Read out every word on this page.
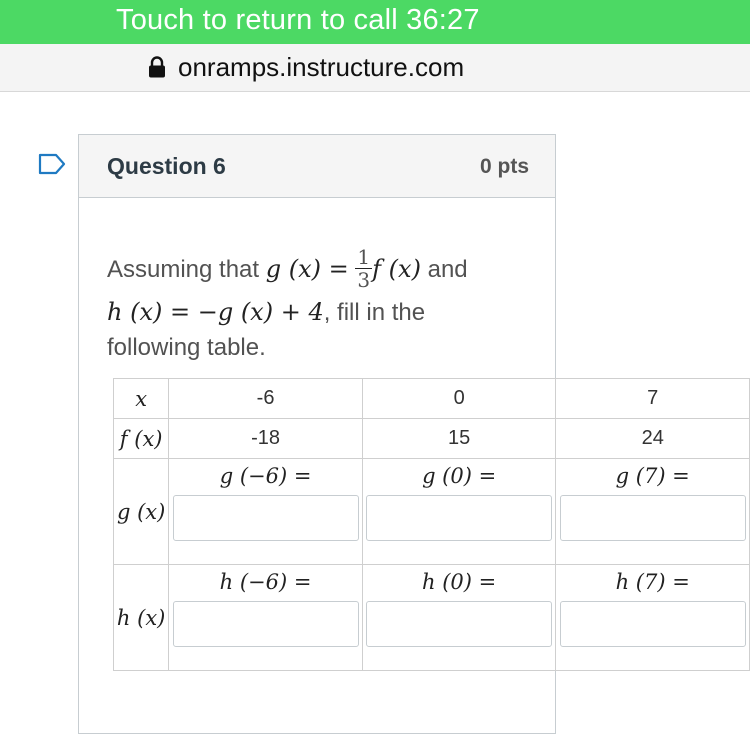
Touch to return to call 36:27
onramps.instructure.com
Question 6	0 pts
Assuming that g $(x) = \frac{1}{3}$ f (x) and
h (x) = −g (x) + 4, fill in the
following table.
x	-6	0	7
f (x)	-18	15	24
g (x)	g (−6) =	g (0) =	g (7) =

h (x)	h (−6) =	h (0) =	h (7) =
